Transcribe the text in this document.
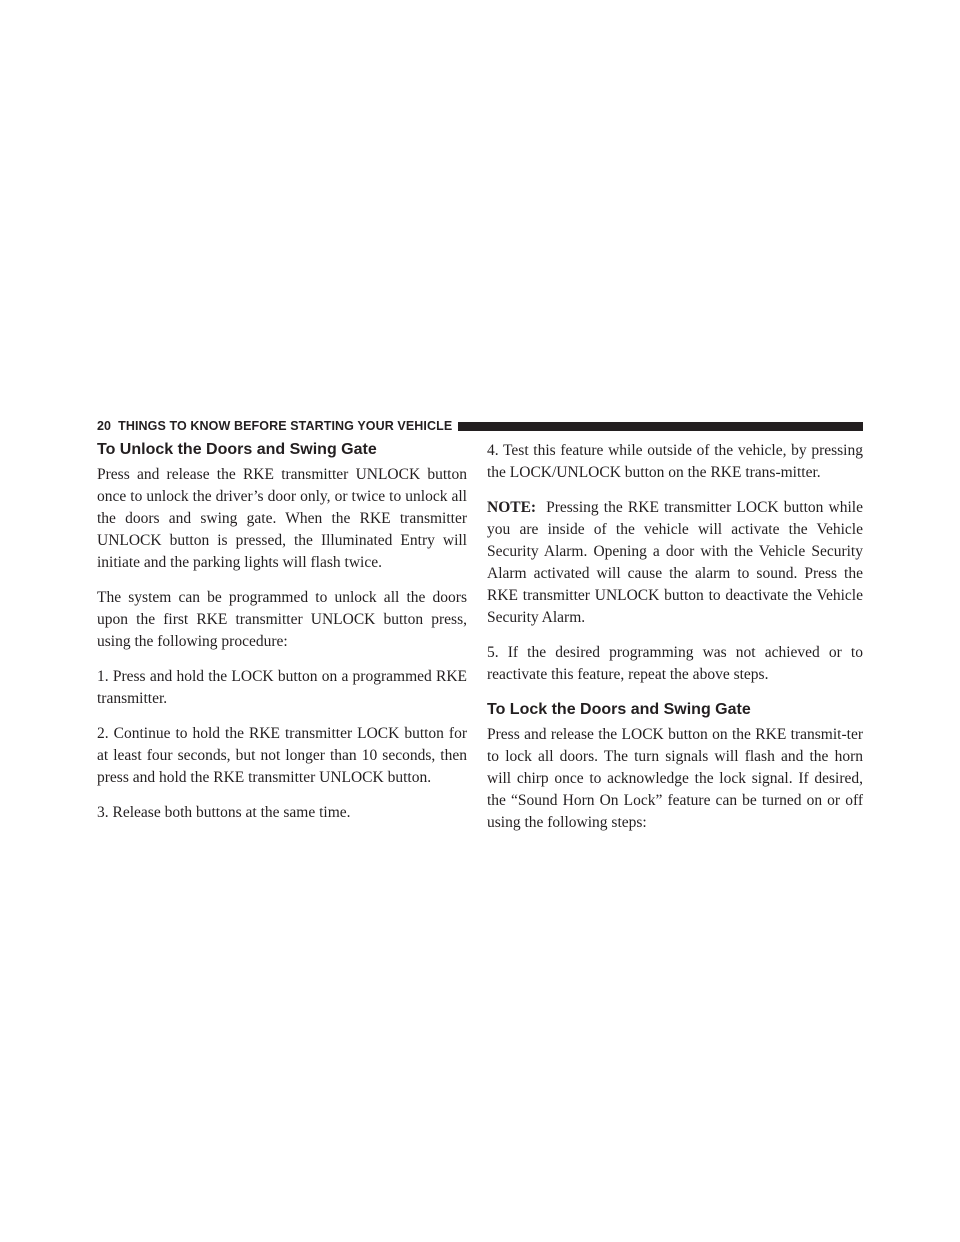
20 THINGS TO KNOW BEFORE STARTING YOUR VEHICLE
To Unlock the Doors and Swing Gate

Press and release the RKE transmitter UNLOCK button once to unlock the driver’s door only, or twice to unlock all the doors and swing gate. When the RKE transmitter UNLOCK button is pressed, the Illuminated Entry will initiate and the parking lights will flash twice.

The system can be programmed to unlock all the doors upon the first RKE transmitter UNLOCK button press, using the following procedure:

1. Press and hold the LOCK button on a programmed RKE transmitter.

2. Continue to hold the RKE transmitter LOCK button for at least four seconds, but not longer than 10 seconds, then press and hold the RKE transmitter UNLOCK button.

3. Release both buttons at the same time.

4. Test this feature while outside of the vehicle, by pressing the LOCK/UNLOCK button on the RKE trans-mitter.

NOTE: Pressing the RKE transmitter LOCK button while you are inside of the vehicle will activate the Vehicle Security Alarm. Opening a door with the Vehicle Security Alarm activated will cause the alarm to sound. Press the RKE transmitter UNLOCK button to deactivate the Vehicle Security Alarm.

5. If the desired programming was not achieved or to reactivate this feature, repeat the above steps.

To Lock the Doors and Swing Gate

Press and release the LOCK button on the RKE transmit-ter to lock all doors. The turn signals will flash and the horn will chirp once to acknowledge the lock signal. If desired, the “Sound Horn On Lock” feature can be turned on or off using the following steps:
